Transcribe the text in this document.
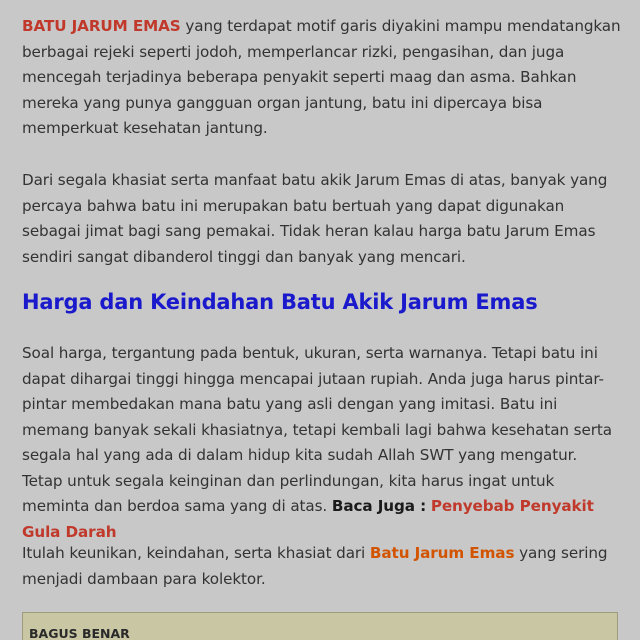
BATU JARUM EMAS yang terdapat motif garis diyakini mampu mendatangkan berbagai rejeki seperti jodoh, memperlancar rizki, pengasihan, dan juga mencegah terjadinya beberapa penyakit seperti maag dan asma. Bahkan mereka yang punya gangguan organ jantung, batu ini dipercaya bisa memperkuat kesehatan jantung.

Dari segala khasiat serta manfaat batu akik Jarum Emas di atas, banyak yang percaya bahwa batu ini merupakan batu bertuah yang dapat digunakan sebagai jimat bagi sang pemakai. Tidak heran kalau harga batu Jarum Emas sendiri sangat dibanderol tinggi dan banyak yang mencari.

Harga dan Keindahan Batu Akik Jarum Emas

Soal harga, tergantung pada bentuk, ukuran, serta warnanya. Tetapi batu ini dapat dihargai tinggi hingga mencapai jutaan rupiah. Anda juga harus pintar-pintar membedakan mana batu yang asli dengan yang imitasi. Batu ini memang banyak sekali khasiatnya, tetapi kembali lagi bahwa kesehatan serta segala hal yang ada di dalam hidup kita sudah Allah SWT yang mengatur. Tetap untuk segala keinginan dan perlindungan, kita harus ingat untuk meminta dan berdoa sama yang di atas. Baca Juga : Penyebab Penyakit Gula Darah

Itulah keunikan, keindahan, serta khasiat dari Batu Jarum Emas yang sering menjadi dambaan para kolektor.

BAGUS BENAR
